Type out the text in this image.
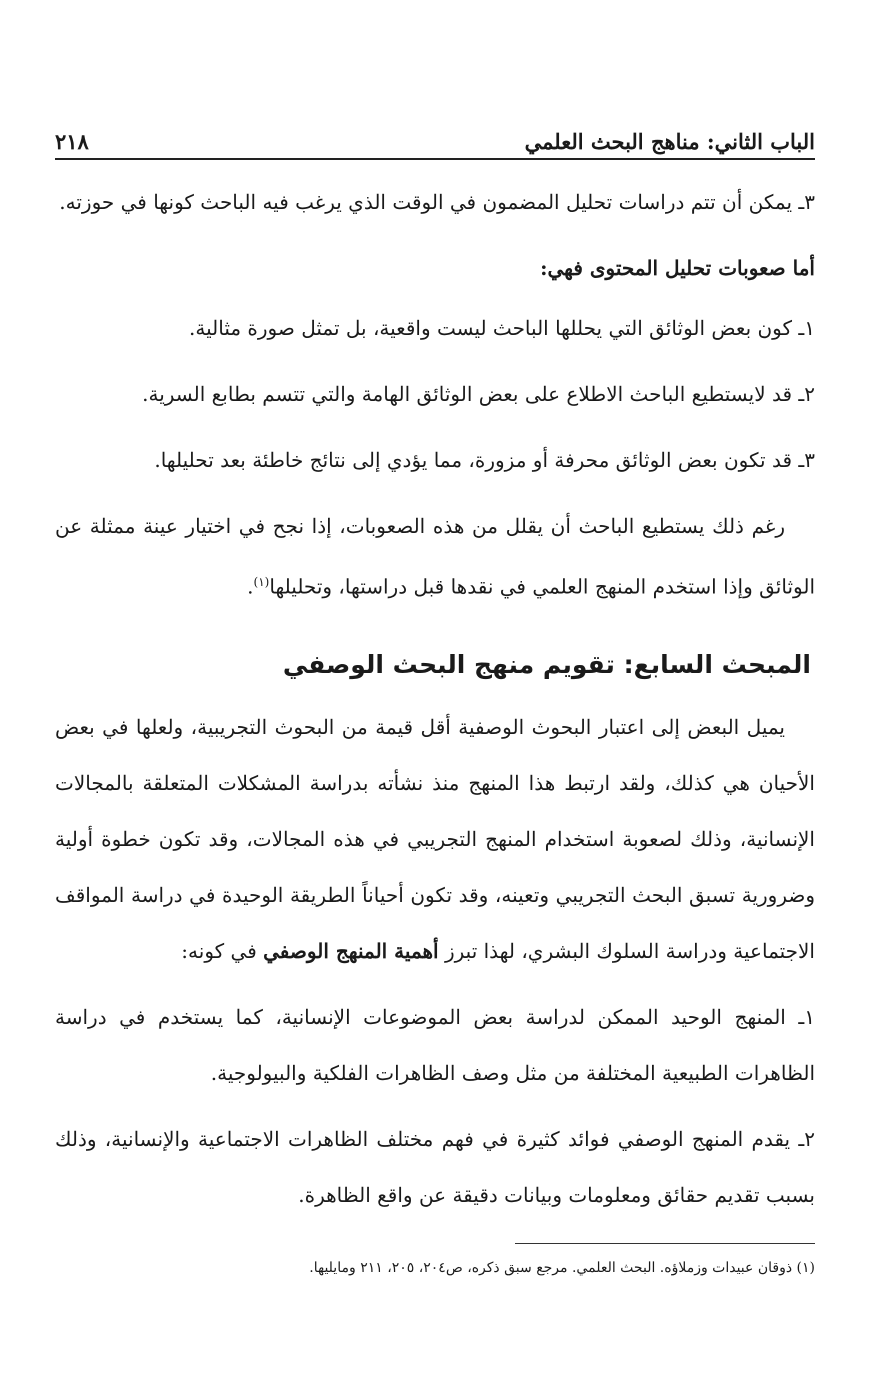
الباب الثاني: مناهج البحث العلمي
٢١٨

٣ـ يمكن أن تتم دراسات تحليل المضمون في الوقت الذي يرغب فيه الباحث كونها في حوزته.

أما صعوبات تحليل المحتوى فهي:

١ـ كون بعض الوثائق التي يحللها الباحث ليست واقعية، بل تمثل صورة مثالية.

٢ـ قد لايستطيع الباحث الاطلاع على بعض الوثائق الهامة والتي تتسم بطابع السرية.

٣ـ قد تكون بعض الوثائق محرفة أو مزورة، مما يؤدي إلى نتائج خاطئة بعد تحليلها.

رغم ذلك يستطيع الباحث أن يقلل من هذه الصعوبات، إذا نجح في اختيار عينة ممثلة عن الوثائق وإذا استخدم المنهج العلمي في نقدها قبل دراستها، وتحليلها$^{(١)}$.

المبحث السابع: تقويم منهج البحث الوصفي

يميل البعض إلى اعتبار البحوث الوصفية أقل قيمة من البحوث التجريبية، ولعلها في بعض الأحيان هي كذلك، ولقد ارتبط هذا المنهج منذ نشأته بدراسة المشكلات المتعلقة بالمجالات الإنسانية، وذلك لصعوبة استخدام المنهج التجريبي في هذه المجالات، وقد تكون خطوة أولية وضرورية تسبق البحث التجريبي وتعينه، وقد تكون أحياناً الطريقة الوحيدة في دراسة المواقف الاجتماعية ودراسة السلوك البشري، لهذا تبرز أهمية المنهج الوصفي في كونه:

١ـ المنهج الوحيد الممكن لدراسة بعض الموضوعات الإنسانية، كما يستخدم في دراسة الظاهرات الطبيعية المختلفة من مثل وصف الظاهرات الفلكية والبيولوجية.

٢ـ يقدم المنهج الوصفي فوائد كثيرة في فهم مختلف الظاهرات الاجتماعية والإنسانية، وذلك بسبب تقديم حقائق ومعلومات وبيانات دقيقة عن واقع الظاهرة.

(١) ذوقان عبيدات وزملاؤه. البحث العلمي. مرجع سبق ذكره، ص٢٠٤، ٢٠٥، ٢١١ ومايليها.
